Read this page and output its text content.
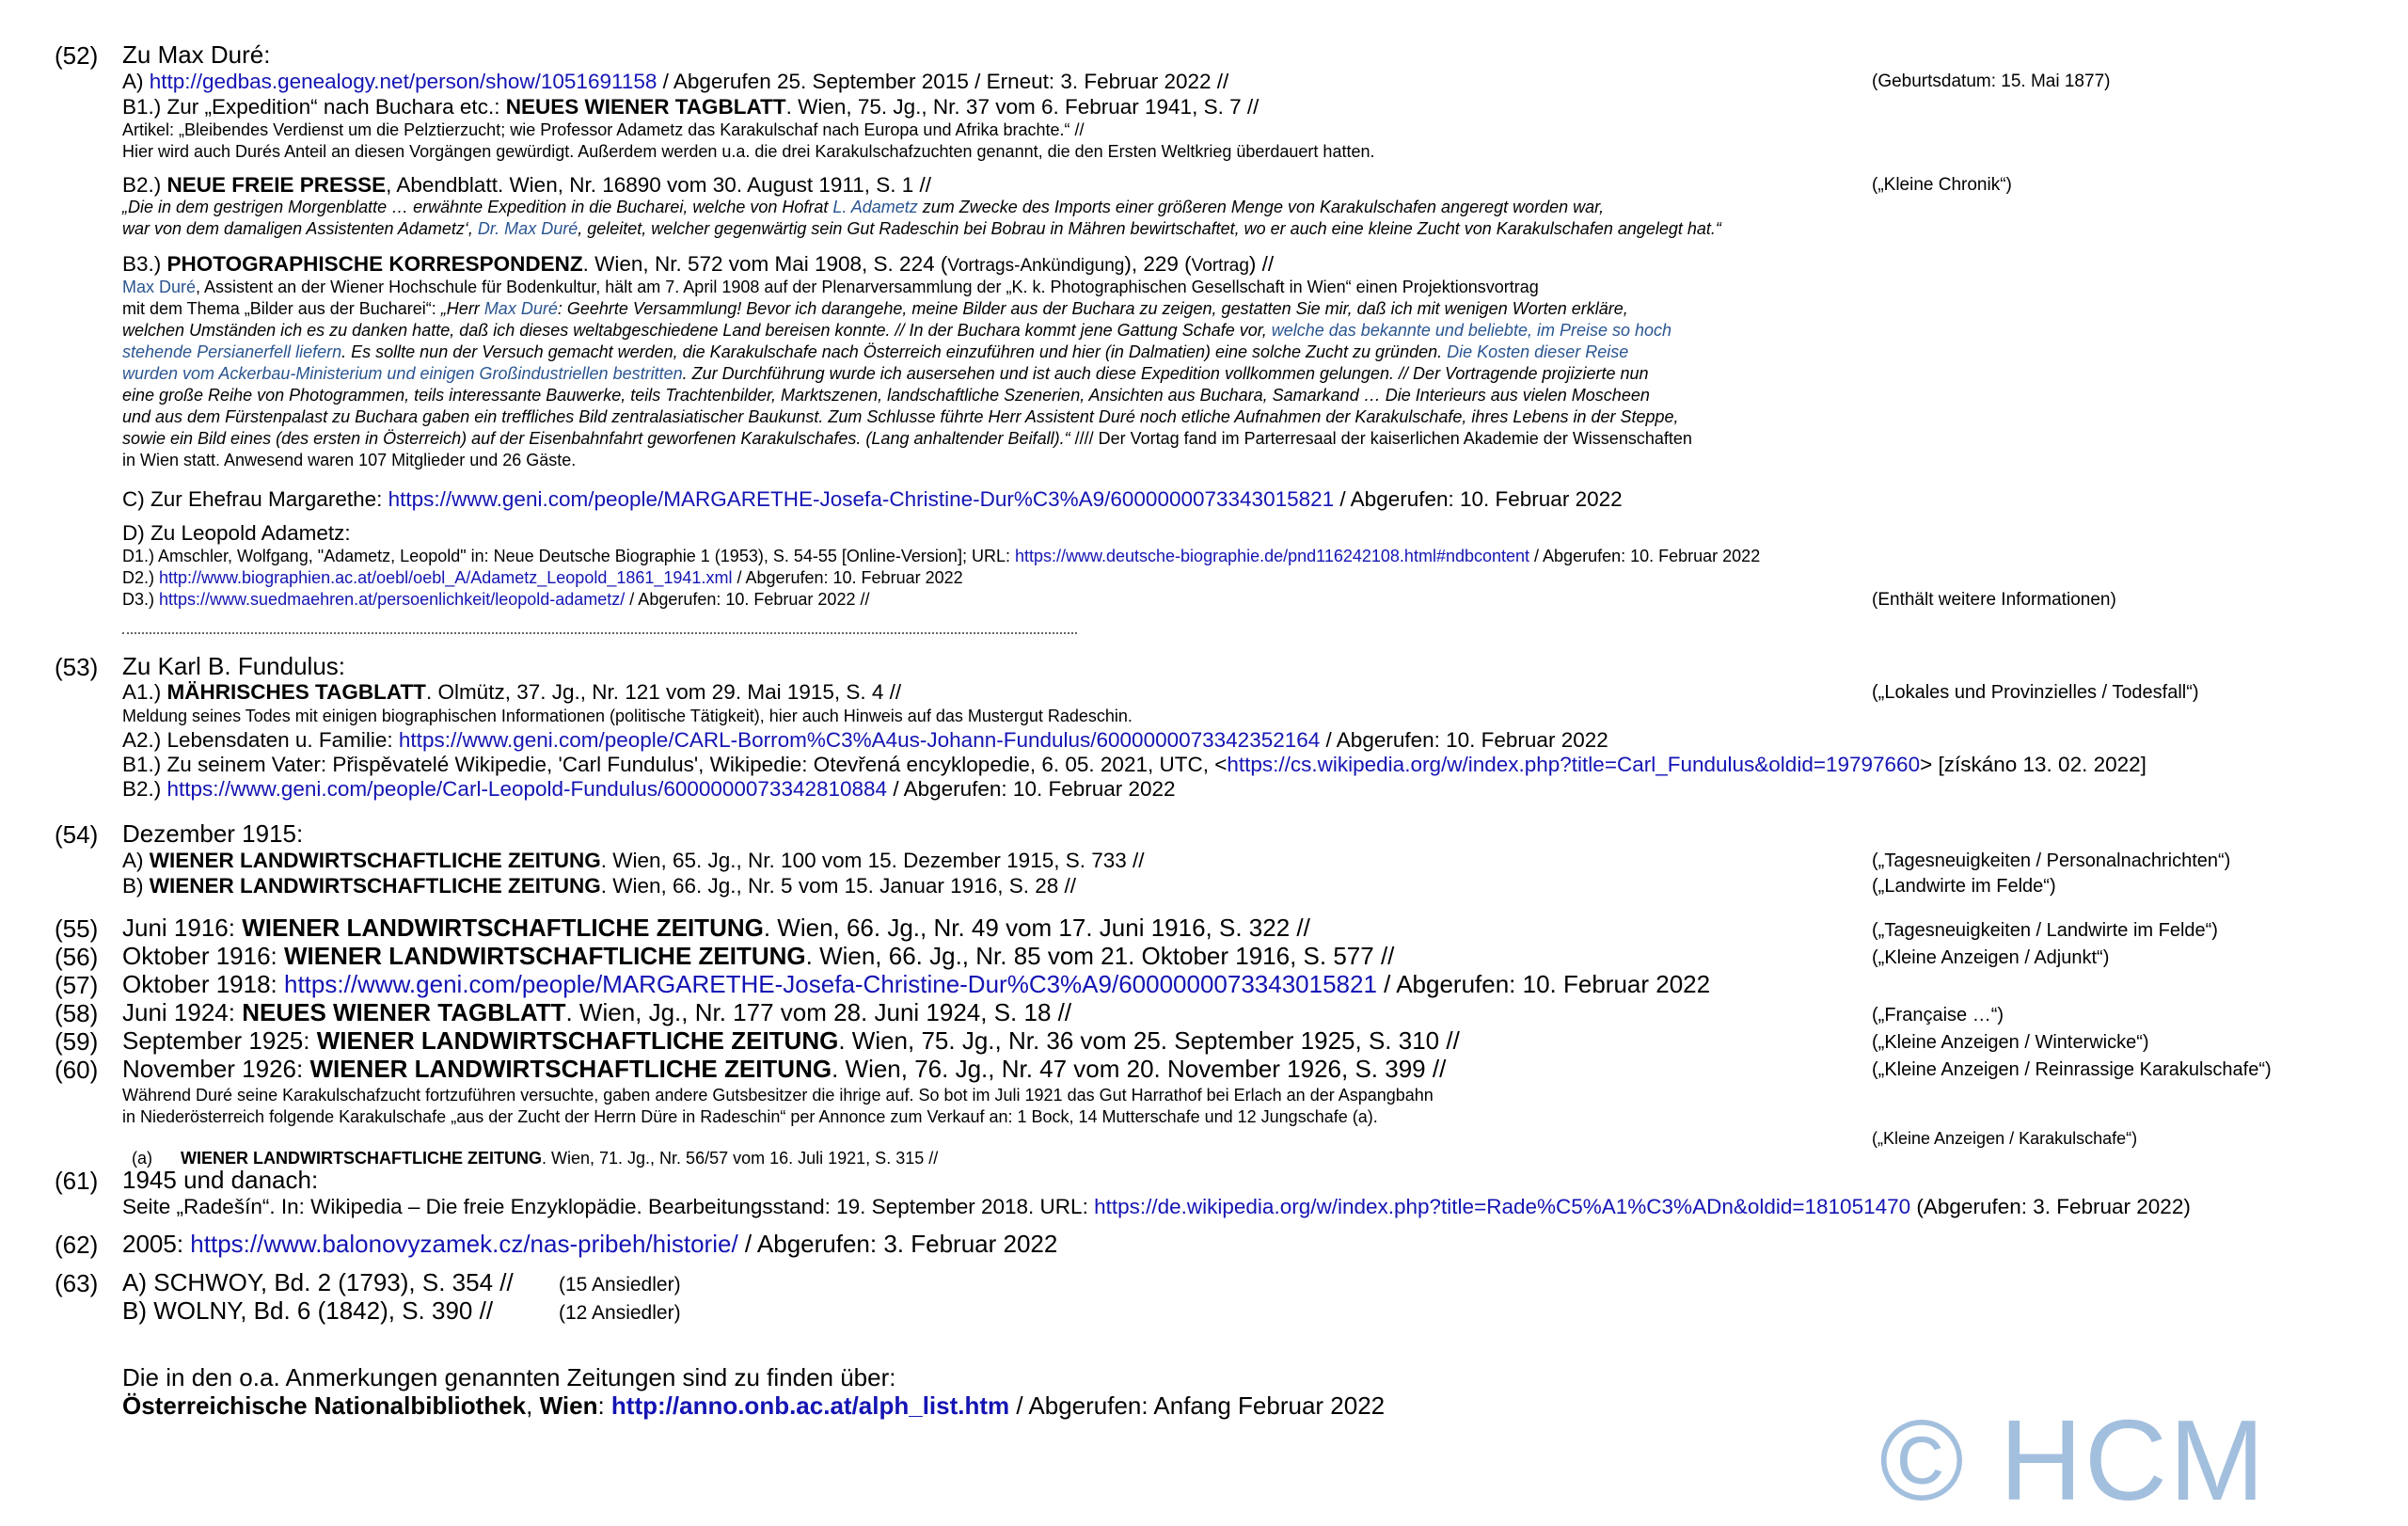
(52) Zu Max Duré:
A) http://gedbas.genealogy.net/person/show/1051691158 / Abgerufen 25. September 2015 / Erneut: 3. Februar 2022 //	(Geburtsdatum: 15. Mai 1877)
B1.) Zur „Expedition“ nach Buchara etc.: NEUES WIENER TAGBLATT. Wien, 75. Jg., Nr. 37 vom 6. Februar 1941, S. 7 //
Artikel: „Bleibendes Verdienst um die Pelztierzucht; wie Professor Adametz das Karakulschaf nach Europa und Afrika brachte.“ //
Hier wird auch Durés Anteil an diesen Vorgängen gewürdigt. Außerdem werden u.a. die drei Karakulschafzuchten genannt, die den Ersten Weltkrieg überdauert hatten.
B2.) NEUE FREIE PRESSE, Abendblatt. Wien, Nr. 16890 vom 30. August 1911, S. 1 //	(„Kleine Chronik“)
„Die in dem gestrigen Morgenblatte … erwähnte Expedition in die Bucharei, welche von Hofrat L. Adametz zum Zwecke des Imports einer größeren Menge von Karakulschafen angeregt worden war,
war von dem damaligen Assistenten Adametz‘, Dr. Max Duré, geleitet, welcher gegenwärtig sein Gut Radeschin bei Bobrau in Mähren bewirtschaftet, wo er auch eine kleine Zucht von Karakulschafen angelegt hat.“
B3.) PHOTOGRAPHISCHE KORRESPONDENZ. Wien, Nr. 572 vom Mai 1908, S. 224 (Vortrags-Ankündigung), 229 (Vortrag) //
Max Duré, Assistent an der Wiener Hochschule für Bodenkultur, hält am 7. April 1908 auf der Plenarversammlung der „K. k. Photographischen Gesellschaft in Wien“ einen Projektionsvortrag
mit dem Thema „Bilder aus der Bucharei“: „Herr Max Duré: Geehrte Versammlung! Bevor ich darangehe, meine Bilder aus der Buchara zu zeigen, gestatten Sie mir, daß ich mit wenigen Worten erkläre,
welchen Umständen ich es zu danken hatte, daß ich dieses weltabgeschiedene Land bereisen konnte. // In der Buchara kommt jene Gattung Schafe vor, welche das bekannte und beliebte, im Preise so hoch
stehende Persianerfell liefern. Es sollte nun der Versuch gemacht werden, die Karakulschafe nach Österreich einzuführen und hier (in Dalmatien) eine solche Zucht zu gründen. Die Kosten dieser Reise
wurden vom Ackerbau-Ministerium und einigen Großindustriellen bestritten. Zur Durchführung wurde ich ausersehen und ist auch diese Expedition vollkommen gelungen. // Der Vortragende projizierte nun
eine große Reihe von Photogrammen, teils interessante Bauwerke, teils Trachtenbilder, Marktszenen, landschaftliche Szenerien, Ansichten aus Buchara, Samarkand … Die Interieurs aus vielen Moscheen
und aus dem Fürstenpalast zu Buchara gaben ein treffliches Bild zentralasiatischer Baukunst. Zum Schlusse führte Herr Assistent Duré noch etliche Aufnahmen der Karakulschafe, ihres Lebens in der Steppe,
sowie ein Bild eines (des ersten in Österreich) auf der Eisenbahnfahrt geworfenen Karakulschafes. (Lang anhaltender Beifall).“ //// Der Vortag fand im Parterresaal der kaiserlichen Akademie der Wissenschaften
in Wien statt. Anwesend waren 107 Mitglieder und 26 Gäste.
C) Zur Ehefrau Margarethe: https://www.geni.com/people/MARGARETHE-Josefa-Christine-Dur%C3%A9/6000000073343015821 / Abgerufen: 10. Februar 2022
D) Zu Leopold Adametz:
D1.) Amschler, Wolfgang, "Adametz, Leopold" in: Neue Deutsche Biographie 1 (1953), S. 54-55 [Online-Version]; URL: https://www.deutsche-biographie.de/pnd116242108.html#ndbcontent / Abgerufen: 10. Februar 2022
D2.) http://www.biographien.ac.at/oebl/oebl_A/Adametz_Leopold_1861_1941.xml / Abgerufen: 10. Februar 2022
D3.) https://www.suedmaehren.at/persoenlichkeit/leopold-adametz/ / Abgerufen: 10. Februar 2022 //	(Enthält weitere Informationen)
(53) Zu Karl B. Fundulus:
A1.) MÄHRISCHES TAGBLATT. Olmütz, 37. Jg., Nr. 121 vom 29. Mai 1915, S. 4 //	(„Lokales und Provinzielles / Todesfall“)
Meldung seines Todes mit einigen biographischen Informationen (politische Tätigkeit), hier auch Hinweis auf das Mustergut Radeschin.
A2.) Lebensdaten u. Familie: https://www.geni.com/people/CARL-Borrom%C3%A4us-Johann-Fundulus/6000000073342352164 / Abgerufen: 10. Februar 2022
B1.) Zu seinem Vater: Přispěvatelé Wikipedie, 'Carl Fundulus', Wikipedie: Otevřená encyklopedie, 6. 05. 2021, UTC, <https://cs.wikipedia.org/w/index.php?title=Carl_Fundulus&oldid=19797660> [získáno 13. 02. 2022]
B2.) https://www.geni.com/people/Carl-Leopold-Fundulus/6000000073342810884 / Abgerufen: 10. Februar 2022
(54) Dezember 1915:
A) WIENER LANDWIRTSCHAFTLICHE ZEITUNG. Wien, 65. Jg., Nr. 100 vom 15. Dezember 1915, S. 733 //	(„Tagesneuigkeiten / Personalnachrichten“)
B) WIENER LANDWIRTSCHAFTLICHE ZEITUNG. Wien, 66. Jg., Nr. 5 vom 15. Januar 1916, S. 28 //	(„Landwirte im Felde“)
(55) Juni 1916: WIENER LANDWIRTSCHAFTLICHE ZEITUNG. Wien, 66. Jg., Nr. 49 vom 17. Juni 1916, S. 322 //	(„Tagesneuigkeiten / Landwirte im Felde“)
(56) Oktober 1916: WIENER LANDWIRTSCHAFTLICHE ZEITUNG. Wien, 66. Jg., Nr. 85 vom 21. Oktober 1916, S. 577 //	(„Kleine Anzeigen / Adjunkt“)
(57) Oktober 1918: https://www.geni.com/people/MARGARETHE-Josefa-Christine-Dur%C3%A9/6000000073343015821 / Abgerufen: 10. Februar 2022
(58) Juni 1924: NEUES WIENER TAGBLATT. Wien, Jg., Nr. 177 vom 28. Juni 1924, S. 18 //	(„Française …“)
(59) September 1925: WIENER LANDWIRTSCHAFTLICHE ZEITUNG. Wien, 75. Jg., Nr. 36 vom 25. September 1925, S. 310 //	(„Kleine Anzeigen / Winterwicke“)
(60) November 1926: WIENER LANDWIRTSCHAFTLICHE ZEITUNG. Wien, 76. Jg., Nr. 47 vom 20. November 1926, S. 399 //	(„Kleine Anzeigen / Reinrassige Karakulschafe“)
Während Duré seine Karakulschafzucht fortzuführen versuchte, gaben andere Gutsbesitzer die ihrige auf. So bot im Juli 1921 das Gut Harrathof bei Erlach an der Aspangbahn
in Niederösterreich folgende Karakulschafe „aus der Zucht der Herrn Düre in Radeschin“ per Annonce zum Verkauf an: 1 Bock, 14 Mutterschafe und 12 Jungschafe (a).

(a)      WIENER LANDWIRTSCHAFTLICHE ZEITUNG. Wien, 71. Jg., Nr. 56/57 vom 16. Juli 1921, S. 315 //

(„Kleine Anzeigen / Karakulschafe“)
(61) 1945 und danach:
Seite „Radešín“. In: Wikipedia – Die freie Enzyklopädie. Bearbeitungsstand: 19. September 2018. URL: https://de.wikipedia.org/w/index.php?title=Rade%C5%A1%C3%ADn&oldid=181051470 (Abgerufen: 3. Februar 2022)
(62) 2005: https://www.balonovyzamek.cz/nas-pribeh/historie/ / Abgerufen: 3. Februar 2022
(63) A) SCHWOY, Bd. 2 (1793), S. 354 // (15 Ansiedler)
B) WOLNY, Bd. 6 (1842), S. 390 //	(12 Ansiedler)
Die in den o.a. Anmerkungen genannten Zeitungen sind zu finden über:
Österreichische Nationalbibliothek, Wien: http://anno.onb.ac.at/alph_list.htm / Abgerufen: Anfang Februar 2022	© HCM
